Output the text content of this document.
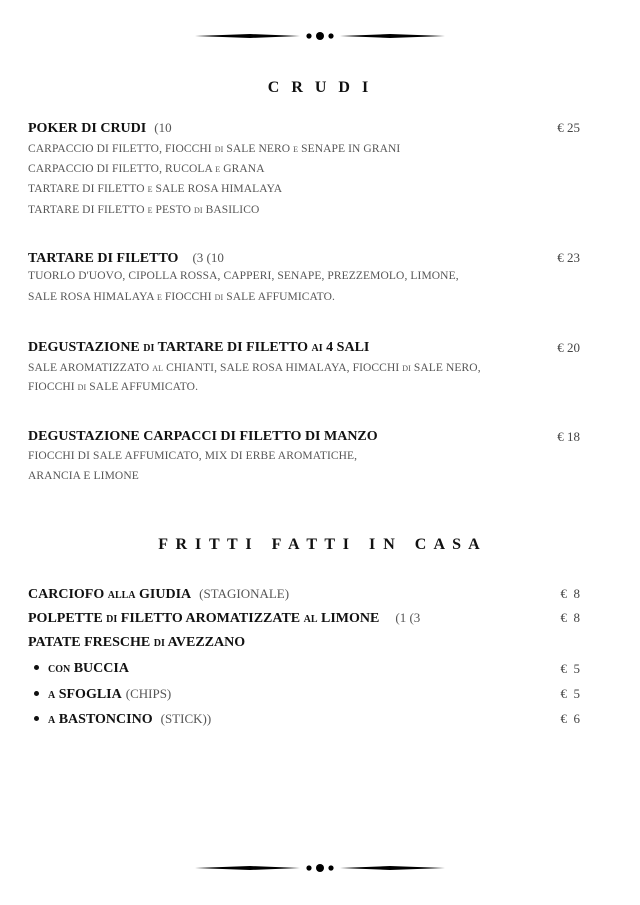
C R U D I
POKER DI CRUDI (10	€ 25
CARPACCIO DI FILETTO, FIOCCHI di SALE NERO e SENAPE IN GRANI
CARPACCIO DI FILETTO, RUCOLA e GRANA
TARTARE DI FILETTO e SALE ROSA HIMALAYA
TARTARE DI FILETTO e PESTO di BASILICO
TARTARE DI FILETTO (3 (10	€ 23
TUORLO D'UOVO, CIPOLLA ROSSA, CAPPERI, SENAPE, PREZZEMOLO, LIMONE,
SALE ROSA HIMALAYA e FIOCCHI di SALE AFFUMICATO.
DEGUSTAZIONE di TARTARE DI FILETTO ai 4 SALI	€ 20
SALE AROMATIZZATO al CHIANTI, SALE ROSA HIMALAYA, FIOCCHI di SALE NERO,
FIOCCHI di SALE AFFUMICATO.
DEGUSTAZIONE CARPACCI DI FILETTO DI MANZO	€ 18
FIOCCHI DI SALE AFFUMICATO, MIX DI ERBE AROMATICHE,
ARANCIA E LIMONE
F R I T T I   F A T T I   I N   C A S A
CARCIOFO alla GIUDIA (STAGIONALE)	€  8
POLPETTE di FILETTO AROMATIZZATE al LIMONE (1 (3	€  8
PATATE FRESCHE di AVEZZANO
con BUCCIA	€  5
a SFOGLIA (CHIPS)	€  5
a BASTONCINO (STICK))	€  6
